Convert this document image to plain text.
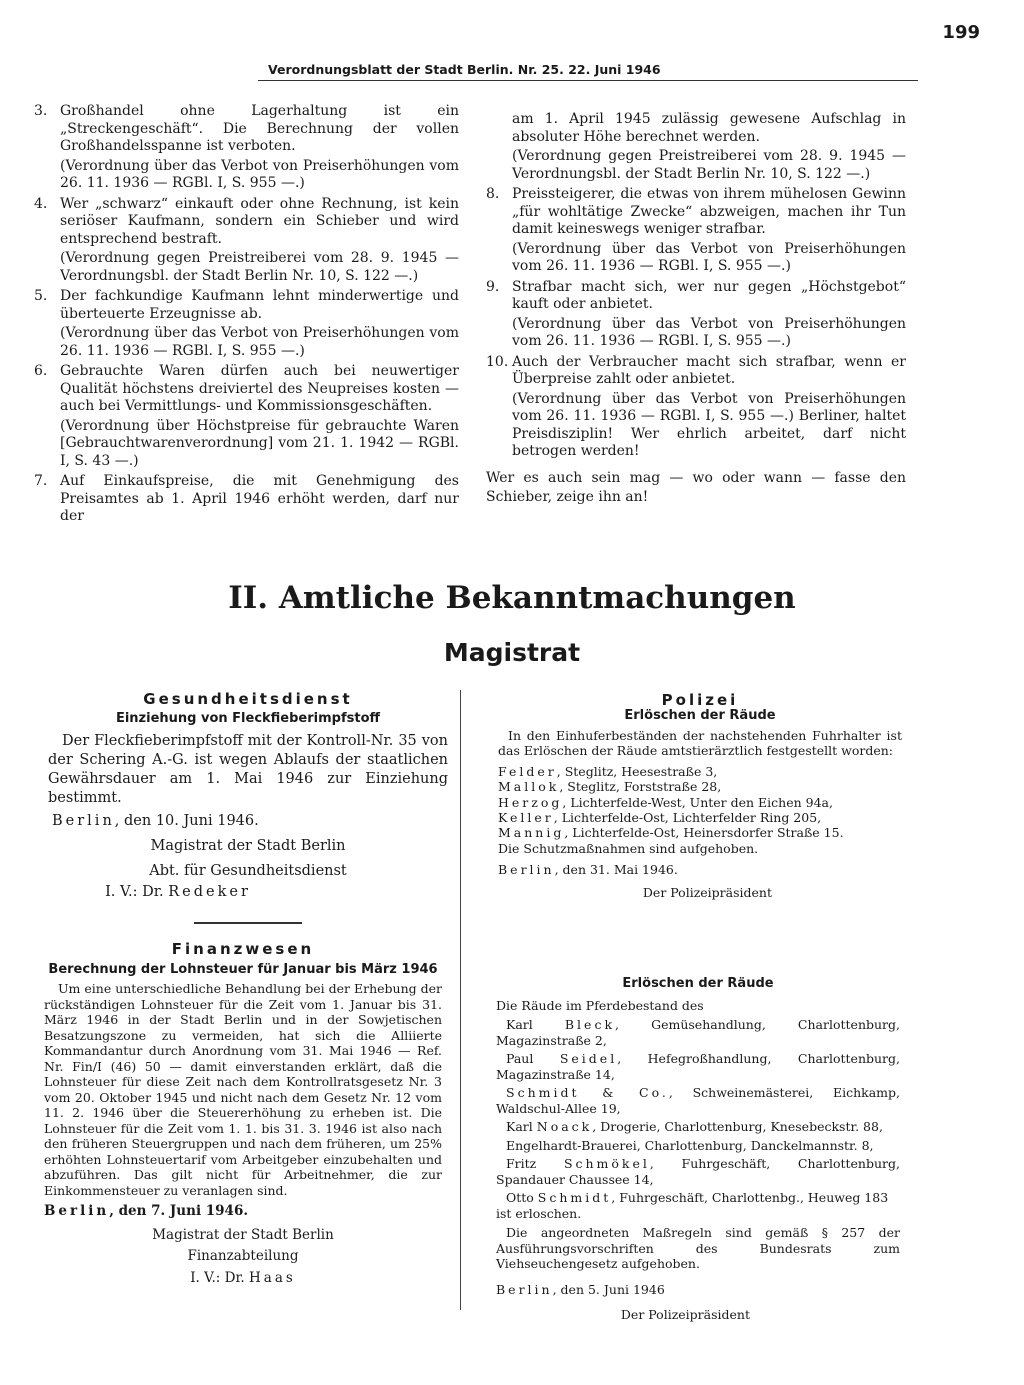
199
Verordnungsblatt der Stadt Berlin. Nr. 25. 22. Juni 1946
3. Großhandel ohne Lagerhaltung ist ein „Streckengeschäft“. Die Berechnung der vollen Großhandelsspanne ist verboten.

(Verordnung über das Verbot von Preiserhöhungen vom 26. 11. 1936 — RGBl. I, S. 955 —.)

4. Wer „schwarz“ einkauft oder ohne Rechnung, ist kein seriöser Kaufmann, sondern ein Schieber und wird entsprechend bestraft.

(Verordnung gegen Preistreiberei vom 28. 9. 1945 — Verordnungsbl. der Stadt Berlin Nr. 10, S. 122 —.)

5. Der fachkundige Kaufmann lehnt minderwertige und überteuerte Erzeugnisse ab.

(Verordnung über das Verbot von Preiserhöhungen vom 26. 11. 1936 — RGBl. I, S. 955 —.)

6. Gebrauchte Waren dürfen auch bei neuwertiger Qualität höchstens dreiviertel des Neupreises kosten — auch bei Vermittlungs- und Kommissionsgeschäften.

(Verordnung über Höchstpreise für gebrauchte Waren [Gebrauchtwarenverordnung] vom 21. 1. 1942 — RGBl. I, S. 43 —.)

7. Auf Einkaufspreise, die mit Genehmigung des Preisamtes ab 1. April 1946 erhöht werden, darf nur der

am 1. April 1945 zulässig gewesene Aufschlag in absoluter Höhe berechnet werden.

(Verordnung gegen Preistreiberei vom 28. 9. 1945 — Verordnungsbl. der Stadt Berlin Nr. 10, S. 122 —.)

8. Preissteigerer, die etwas von ihrem mühelosen Gewinn „für wohltätige Zwecke“ abzweigen, machen ihr Tun damit keineswegs weniger strafbar.

(Verordnung über das Verbot von Preiserhöhungen vom 26. 11. 1936 — RGBl. I, S. 955 —.)

9. Strafbar macht sich, wer nur gegen „Höchstgebot“ kauft oder anbietet.

(Verordnung über das Verbot von Preiserhöhungen vom 26. 11. 1936 — RGBl. I, S. 955 —.)

10. Auch der Verbraucher macht sich strafbar, wenn er Überpreise zahlt oder anbietet.

(Verordnung über das Verbot von Preiserhöhungen vom 26. 11. 1936 — RGBl. I, S. 955 —.) Berliner, haltet Preisdisziplin! Wer ehrlich arbeitet, darf nicht betrogen werden!

Wer es auch sein mag — wo oder wann — fasse den Schieber, zeige ihn an!

II. Amtliche Bekanntmachungen
Magistrat
Gesundheitsdienst
Einziehung von Fleckfieberimpfstoff

Der Fleckfieberimpfstoff mit der Kontroll-Nr. 35 von der Schering A.-G. ist wegen Ablaufs der staatlichen Gewährsdauer am 1. Mai 1946 zur Einziehung bestimmt.

Berlin, den 10. Juni 1946.

Magistrat der Stadt Berlin

Abt. für Gesundheitsdienst

I. V.: Dr. Redeker

Finanzwesen
Berechnung der Lohnsteuer für Januar bis März 1946

Um eine unterschiedliche Behandlung bei der Erhebung der rückständigen Lohnsteuer für die Zeit vom 1. Januar bis 31. März 1946 in der Stadt Berlin und in der Sowjetischen Besatzungszone zu vermeiden, hat sich die Alliierte Kommandantur durch Anordnung vom 31. Mai 1946 — Ref. Nr. Fin/I (46) 50 — damit einverstanden erklärt, daß die Lohnsteuer für diese Zeit nach dem Kontrollratsgesetz Nr. 3 vom 20. Oktober 1945 und nicht nach dem Gesetz Nr. 12 vom 11. 2. 1946 über die Steuererhöhung zu erheben ist. Die Lohnsteuer für die Zeit vom 1. 1. bis 31. 3. 1946 ist also nach den früheren Steuergruppen und nach dem früheren, um 25% erhöhten Lohnsteuertarif vom Arbeitgeber einzubehalten und abzuführen. Das gilt nicht für Arbeitnehmer, die zur Einkommensteuer zu veranlagen sind.

Berlin, den 7. Juni 1946.

Magistrat der Stadt Berlin

Finanzabteilung

I. V.: Dr. Haas

Polizei
Erlöschen der Räude

In den Einhuferbeständen der nachstehenden Fuhrhalter ist das Erlöschen der Räude amtstierärztlich festgestellt worden:

Felder, Steglitz, Heesestraße 3,

Mallok, Steglitz, Forststraße 28,

Herzog, Lichterfelde-West, Unter den Eichen 94a,

Keller, Lichterfelde-Ost, Lichterfelder Ring 205,

Mannig, Lichterfelde-Ost, Heinersdorfer Straße 15.

Die Schutzmaßnahmen sind aufgehoben.

Berlin, den 31. Mai 1946.

Der Polizeipräsident

Erlöschen der Räude

Die Räude im Pferdebestand des

Karl Bleck, Gemüsehandlung, Charlottenburg, Magazinstraße 2,

Paul Seidel, Hefegroßhandlung, Charlottenburg, Magazinstraße 14,

Schmidt & Co., Schweinemästerei, Eichkamp, Waldschul-Allee 19,

Karl Noack, Drogerie, Charlottenburg, Knesebeckstr. 88,

Engelhardt-Brauerei, Charlottenburg, Danckelmannstr. 8,

Fritz Schmökel, Fuhrgeschäft, Charlottenburg, Spandauer Chaussee 14,

Otto Schmidt, Fuhrgeschäft, Charlottenbg., Heuweg 183

ist erloschen.

Die angeordneten Maßregeln sind gemäß § 257 der Ausführungsvorschriften des Bundesrats zum Viehseuchengesetz aufgehoben.

Berlin, den 5. Juni 1946

Der Polizeipräsident
